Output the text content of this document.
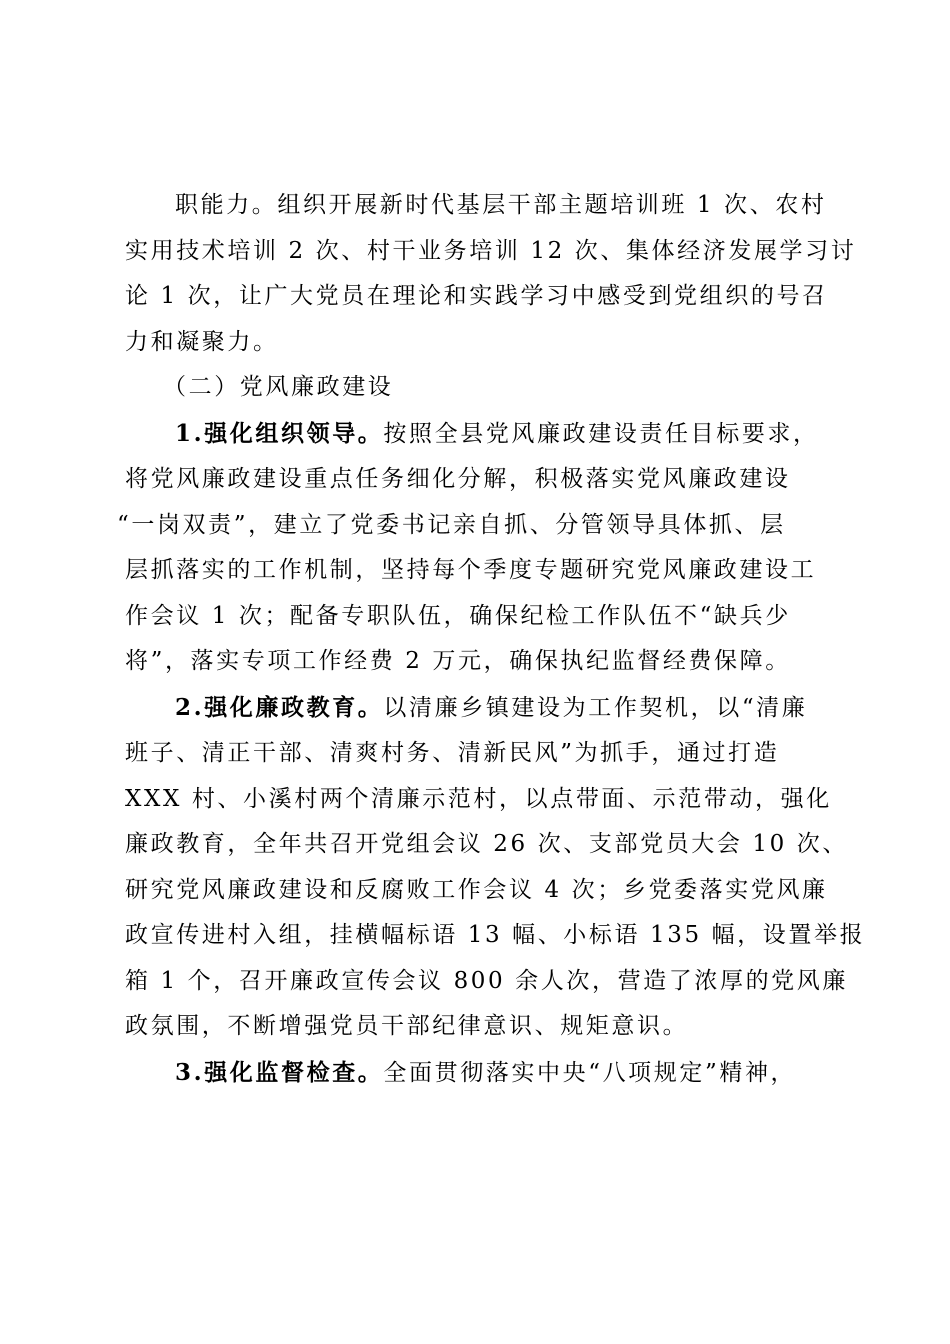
职能力。组织开展新时代基层干部主题培训班 1 次、农村
实用技术培训 2 次、村干业务培训 12 次、集体经济发展学习讨
论 1 次，让广大党员在理论和实践学习中感受到党组织的号召
力和凝聚力。
（二）党风廉政建设
1.强化组织领导。按照全县党风廉政建设责任目标要求，
将党风廉政建设重点任务细化分解，积极落实党风廉政建设
“一岗双责”，建立了党委书记亲自抓、分管领导具体抓、层
层抓落实的工作机制，坚持每个季度专题研究党风廉政建设工
作会议 1 次；配备专职队伍，确保纪检工作队伍不“缺兵少
将”，落实专项工作经费 2 万元，确保执纪监督经费保障。
2.强化廉政教育。以清廉乡镇建设为工作契机，以“清廉
班子、清正干部、清爽村务、清新民风”为抓手，通过打造
XXX 村、小溪村两个清廉示范村，以点带面、示范带动，强化
廉政教育，全年共召开党组会议 26 次、支部党员大会 10 次、
研究党风廉政建设和反腐败工作会议 4 次；乡党委落实党风廉
政宣传进村入组，挂横幅标语 13 幅、小标语 135 幅，设置举报
箱 1 个，召开廉政宣传会议 800 余人次，营造了浓厚的党风廉
政氛围，不断增强党员干部纪律意识、规矩意识。
3.强化监督检查。全面贯彻落实中央“八项规定”精神，
